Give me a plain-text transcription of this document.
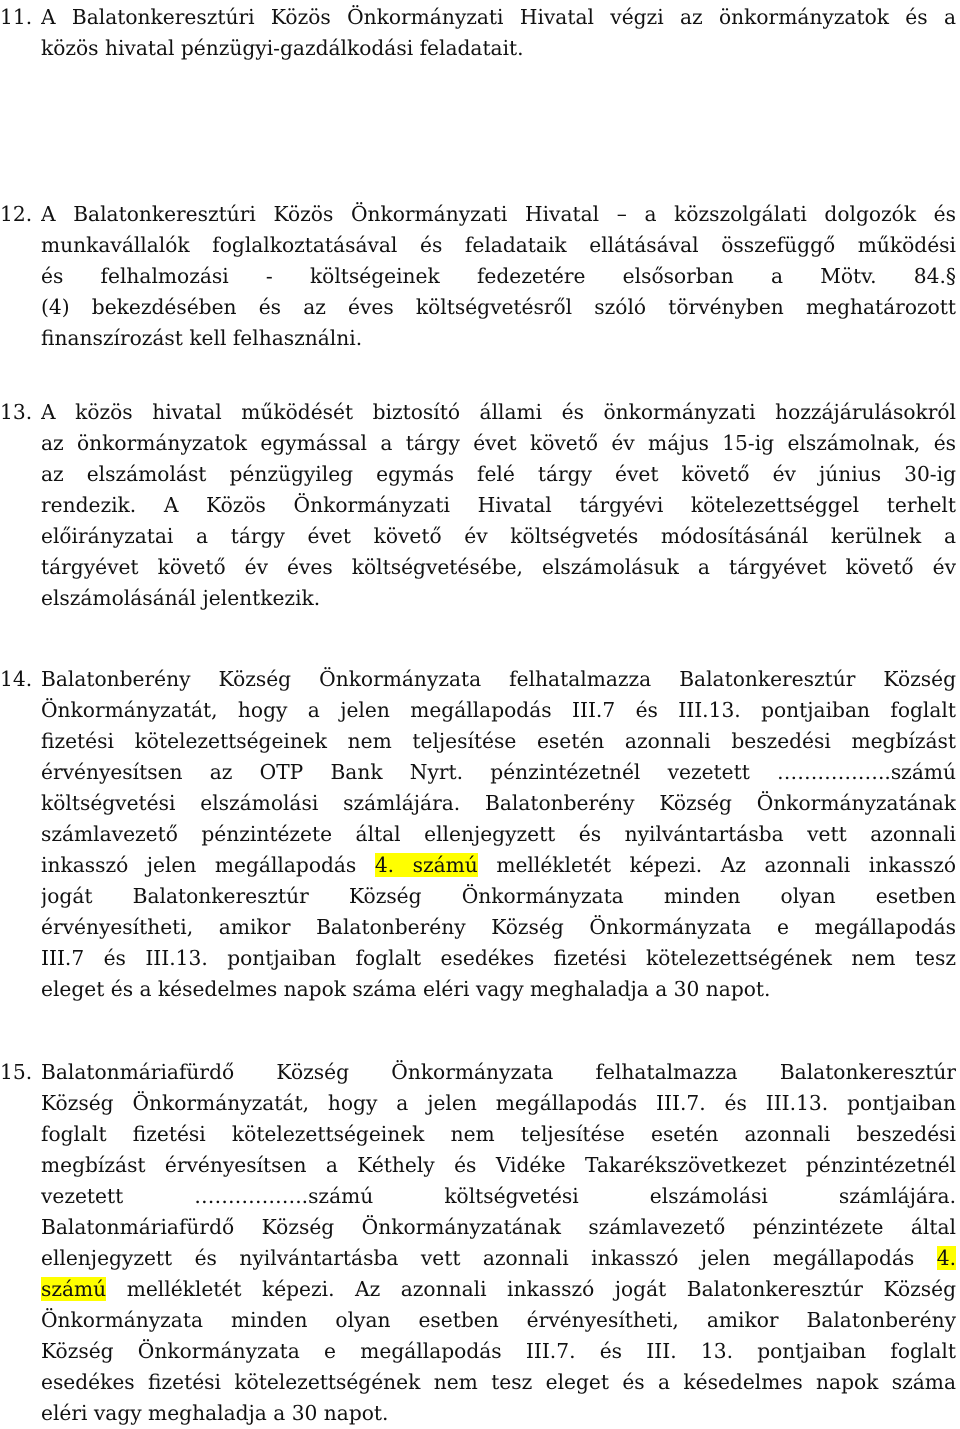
11. A Balatonkeresztúri Közös Önkormányzati Hivatal végzi az önkormányzatok és a
közös hivatal pénzügyi-gazdálkodási feladatait.
12. A Balatonkeresztúri Közös Önkormányzati Hivatal – a közszolgálati dolgozók és
munkavállalók foglalkoztatásával és feladataik ellátásával összefüggő működési
és felhalmozási - költségeinek fedezetére elsősorban a Mötv. 84.§
(4) bekezdésében és az éves költségvetésről szóló törvényben meghatározott
finanszírozást kell felhasználni.
13. A közös hivatal működését biztosító állami és önkormányzati hozzájárulásokról
az önkormányzatok egymással a tárgy évet követő év május 15-ig elszámolnak, és
az elszámolást pénzügyileg egymás felé tárgy évet követő év június 30-ig
rendezik. A Közös Önkormányzati Hivatal tárgyévi kötelezettséggel terhelt
előirányzatai a tárgy évet követő év költségvetés módosításánál kerülnek a
tárgyévet követő év éves költségvetésébe, elszámolásuk a tárgyévet követő év
elszámolásánál jelentkezik.
14. Balatonberény Község Önkormányzata felhatalmazza Balatonkeresztúr Község
Önkormányzatát, hogy a jelen megállapodás III.7 és III.13. pontjaiban foglalt
fizetési kötelezettségeinek nem teljesítése esetén azonnali beszedési megbízást
érvényesítsen az OTP Bank Nyrt. pénzintézetnél vezetett ……………..számú
költségvetési elszámolási számlájára. Balatonberény Község Önkormányzatának
számlavezető pénzintézete által ellenjegyzett és nyilvántartásba vett azonnali
inkasszó jelen megállapodás 4. számú mellékletét képezi. Az azonnali inkasszó
jogát Balatonkeresztúr Község Önkormányzata minden olyan esetben
érvényesítheti, amikor Balatonberény Község Önkormányzata e megállapodás
III.7 és III.13. pontjaiban foglalt esedékes fizetési kötelezettségének nem tesz
eleget és a késedelmes napok száma eléri vagy meghaladja a 30 napot.
15. Balatonmáriafürdő Község Önkormányzata felhatalmazza Balatonkeresztúr
Község Önkormányzatát, hogy a jelen megállapodás III.7. és III.13. pontjaiban
foglalt fizetési kötelezettségeinek nem teljesítése esetén azonnali beszedési
megbízást érvényesítsen a Kéthely és Vidéke Takarékszövetkezet pénzintézetnél
vezetett ……………..számú költségvetési elszámolási számlájára.
Balatonmáriafürdő Község Önkormányzatának számlavezető pénzintézete által
ellenjegyzett és nyilvántartásba vett azonnali inkasszó jelen megállapodás 4.
számú mellékletét képezi. Az azonnali inkasszó jogát Balatonkeresztúr Község
Önkormányzata minden olyan esetben érvényesítheti, amikor Balatonberény
Község Önkormányzata e megállapodás III.7. és III. 13. pontjaiban foglalt
esedékes fizetési kötelezettségének nem tesz eleget és a késedelmes napok száma
eléri vagy meghaladja a 30 napot.
